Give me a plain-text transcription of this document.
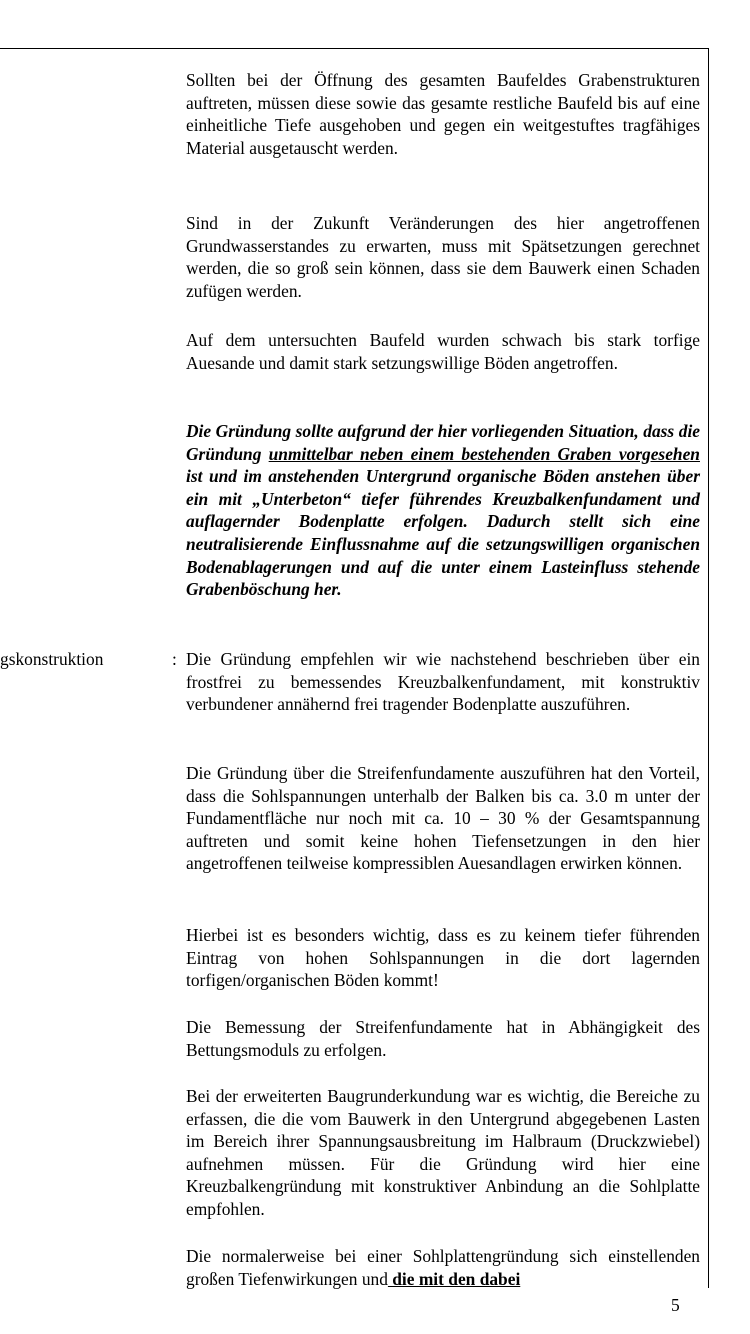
Sollten bei der Öffnung des gesamten Baufeldes Grabenstrukturen auftreten, müssen diese sowie das gesamte restliche Baufeld bis auf eine einheitliche Tiefe ausgehoben und gegen ein weitgestuftes tragfähiges Material ausgetauscht werden.

Sind in der Zukunft Veränderungen des hier angetroffenen Grundwasserstandes zu erwarten, muss mit Spätsetzungen gerechnet werden, die so groß sein können, dass sie dem Bauwerk einen Schaden zufügen werden.

Auf dem untersuchten Baufeld wurden schwach bis stark torfige Auesande und damit stark setzungswillige Böden angetroffen.

Die Gründung sollte aufgrund der hier vorliegenden Situation, dass die Gründung unmittelbar neben einem bestehenden Graben vorgesehen ist und im anstehenden Untergrund organische Böden anstehen über ein mit „Unterbeton“ tiefer führendes Kreuzbalkenfundament und auflagernder Bodenplatte erfolgen. Dadurch stellt sich eine neutralisierende Einflussnahme auf die setzungswilligen organischen Bodenablagerungen und auf die unter einem Lasteinfluss stehende Grabenböschung her.

gskonstruktion	: Die Gründung empfehlen wir wie nachstehend beschrieben über ein frostfrei zu bemessendes Kreuzbalkenfundament, mit konstruktiv verbundener annähernd frei tragender Bodenplatte auszuführen.

Die Gründung über die Streifenfundamente auszuführen hat den Vorteil, dass die Sohlspannungen unterhalb der Balken bis ca. 3.0 m unter der Fundamentfläche nur noch mit ca. 10 – 30 % der Gesamtspannung auftreten und somit keine hohen Tiefensetzungen in den hier angetroffenen teilweise kompressiblen Auesandlagen erwirken können.

Hierbei ist es besonders wichtig, dass es zu keinem tiefer führenden Eintrag von hohen Sohlspannungen in die dort lagernden torfigen/organischen Böden kommt!

Die Bemessung der Streifenfundamente hat in Abhängigkeit des Bettungsmoduls zu erfolgen.

Bei der erweiterten Baugrunderkundung war es wichtig, die Bereiche zu erfassen, die die vom Bauwerk in den Untergrund abgegebenen Lasten im Bereich ihrer Spannungsausbreitung im Halbraum (Druckzwiebel) aufnehmen müssen. Für die Gründung wird hier eine Kreuzbalkengründung mit konstruktiver Anbindung an die Sohlplatte empfohlen.

Die normalerweise bei einer Sohlplattengründung sich einstellenden großen Tiefenwirkungen und die mit den dabei

5
